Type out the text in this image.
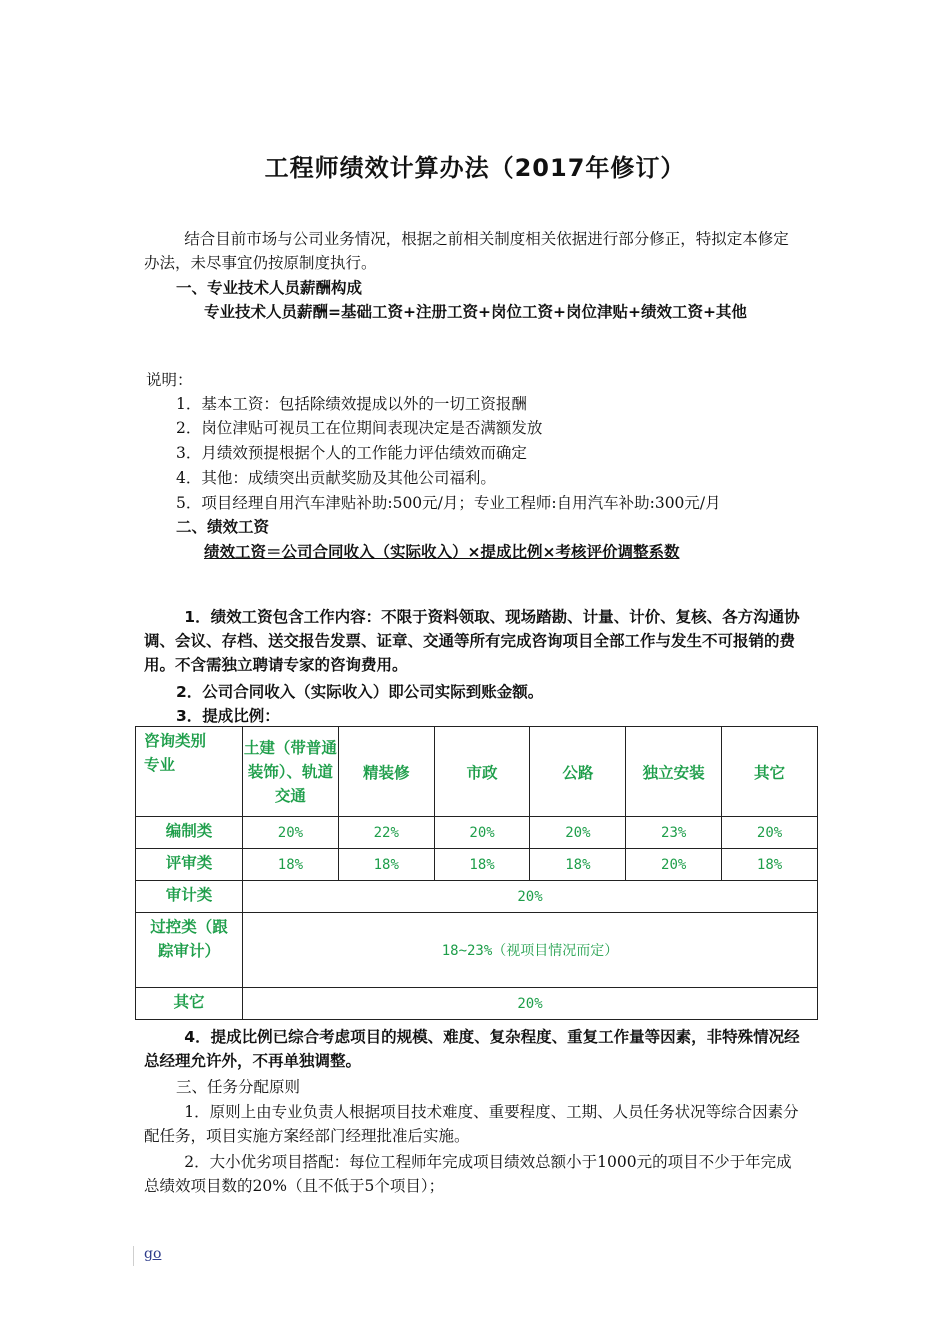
工程师绩效计算办法（2017年修订）
结合目前市场与公司业务情况，根据之前相关制度相关依据进行部分修正，特拟定本修定办法，未尽事宜仍按原制度执行。
一、专业技术人员薪酬构成
专业技术人员薪酬=基础工资+注册工资+岗位工资+岗位津贴+绩效工资+其他
说明：
1．基本工资：包括除绩效提成以外的一切工资报酬
2．岗位津贴可视员工在位期间表现决定是否满额发放
3．月绩效预提根据个人的工作能力评估绩效而确定
4．其他：成绩突出贡献奖励及其他公司福利。
5．项目经理自用汽车津贴补助:500元/月；专业工程师:自用汽车补助:300元/月
二、绩效工资
绩效工资＝公司合同收入（实际收入）×提成比例×考核评价调整系数
1．绩效工资包含工作内容：不限于资料领取、现场踏勘、计量、计价、复核、各方沟通协调、会议、存档、送交报告发票、证章、交通等所有完成咨询项目全部工作与发生不可报销的费用。不含需独立聘请专家的咨询费用。
2．公司合同收入（实际收入）即公司实际到账金额。
3．提成比例：
咨询类别
专业	土建（带普通装饰）、轨道交通	精装修	市政	公路	独立安装	其它
编制类	20%	22%	20%	20%	23%	20%
评审类	18%	18%	18%	18%	20%	18%
审计类	20%					
过控类（跟踪审计）	18~23%（视项目情况而定）					
其它	20%					
4．提成比例已综合考虑项目的规模、难度、复杂程度、重复工作量等因素，非特殊情况经总经理允许外，不再单独调整。
三、任务分配原则
1．原则上由专业负责人根据项目技术难度、重要程度、工期、人员任务状况等综合因素分配任务，项目实施方案经部门经理批准后实施。
2．大小优劣项目搭配：每位工程师年完成项目绩效总额小于1000元的项目不少于年完成总绩效项目数的20%（且不低于5个项目）；
go
